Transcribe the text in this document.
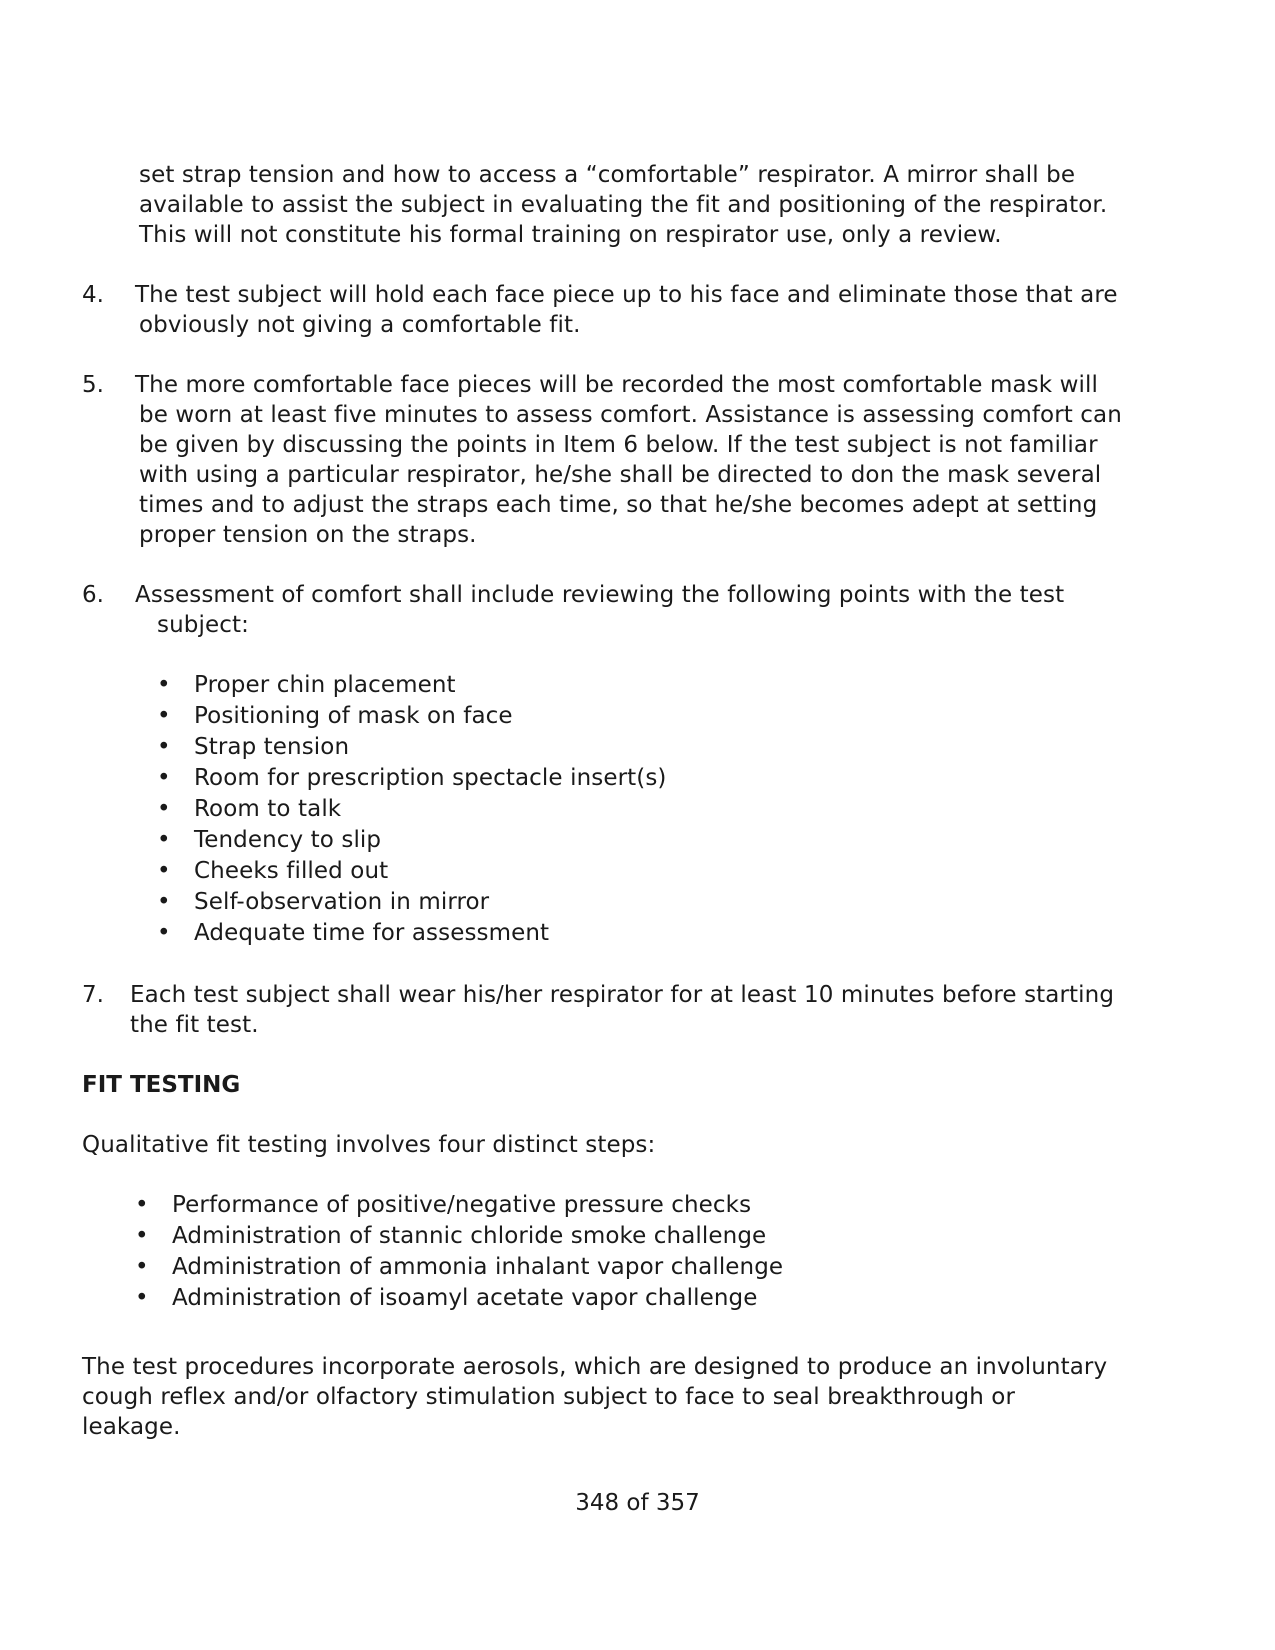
set strap tension and how to access a “comfortable” respirator. A mirror shall be
available to assist the subject in evaluating the fit and positioning of the respirator.
This will not constitute his formal training on respirator use, only a review.
4. The test subject will hold each face piece up to his face and eliminate those that are
obviously not giving a comfortable fit.
5. The more comfortable face pieces will be recorded the most comfortable mask will
be worn at least five minutes to assess comfort. Assistance is assessing comfort can
be given by discussing the points in Item 6 below. If the test subject is not familiar
with using a particular respirator, he/she shall be directed to don the mask several
times and to adjust the straps each time, so that he/she becomes adept at setting
proper tension on the straps.
6. Assessment of comfort shall include reviewing the following points with the test
subject:
• Proper chin placement
• Positioning of mask on face
• Strap tension
• Room for prescription spectacle insert(s)
• Room to talk
• Tendency to slip
• Cheeks filled out
• Self-observation in mirror
• Adequate time for assessment
7. Each test subject shall wear his/her respirator for at least 10 minutes before starting
the fit test.
FIT TESTING
Qualitative fit testing involves four distinct steps:
• Performance of positive/negative pressure checks
• Administration of stannic chloride smoke challenge
• Administration of ammonia inhalant vapor challenge
• Administration of isoamyl acetate vapor challenge
The test procedures incorporate aerosols, which are designed to produce an involuntary
cough reflex and/or olfactory stimulation subject to face to seal breakthrough or
leakage.
348 of 357
